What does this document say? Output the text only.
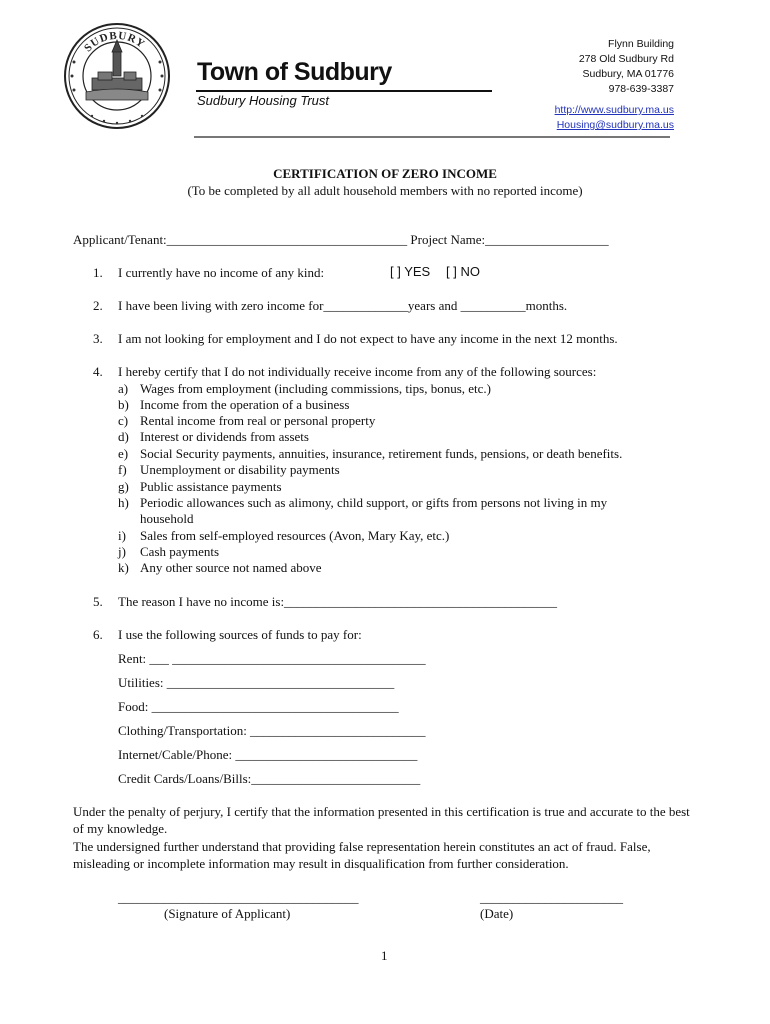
SUDBURY
Town of Sudbury
Sudbury Housing Trust
Flynn Building
278 Old Sudbury Rd
Sudbury, MA 01776
978-639-3387
http://www.sudbury.ma.us
Housing@sudbury.ma.us
CERTIFICATION OF ZERO INCOME
(To be completed by all adult household members with no reported income)
Applicant/Tenant:_____________________________________ Project Name:___________________
1. I currently have no income of any kind:	[ ] YES [ ] NO
2. I have been living with zero income for_____________years and __________months.
3. I am not looking for employment and I do not expect to have any income in the next 12 months.
4. I hereby certify that I do not individually receive income from any of the following sources:
a) Wages from employment (including commissions, tips, bonus, etc.)
b) Income from the operation of a business
c) Rental income from real or personal property
d) Interest or dividends from assets
e) Social Security payments, annuities, insurance, retirement funds, pensions, or death benefits.
f) Unemployment or disability payments
g) Public assistance payments
h) Periodic allowances such as alimony, child support, or gifts from persons not living in my
household
i) Sales from self-employed resources (Avon, Mary Kay, etc.)
j) Cash payments
k) Any other source not named above
5. The reason I have no income is:__________________________________________
6. I use the following sources of funds to pay for:
Rent: ___ _______________________________________
Utilities: ___________________________________
Food: ______________________________________
Clothing/Transportation: ___________________________
Internet/Cable/Phone: ____________________________
Credit Cards/Loans/Bills:__________________________
Under the penalty of perjury, I certify that the information presented in this certification is true and accurate to the best of my knowledge.
The undersigned further understand that providing false representation herein constitutes an act of fraud. False, misleading or incomplete information may result in disqualification from further consideration.
_____________________________________
(Signature of Applicant)
______________________
(Date)
1
